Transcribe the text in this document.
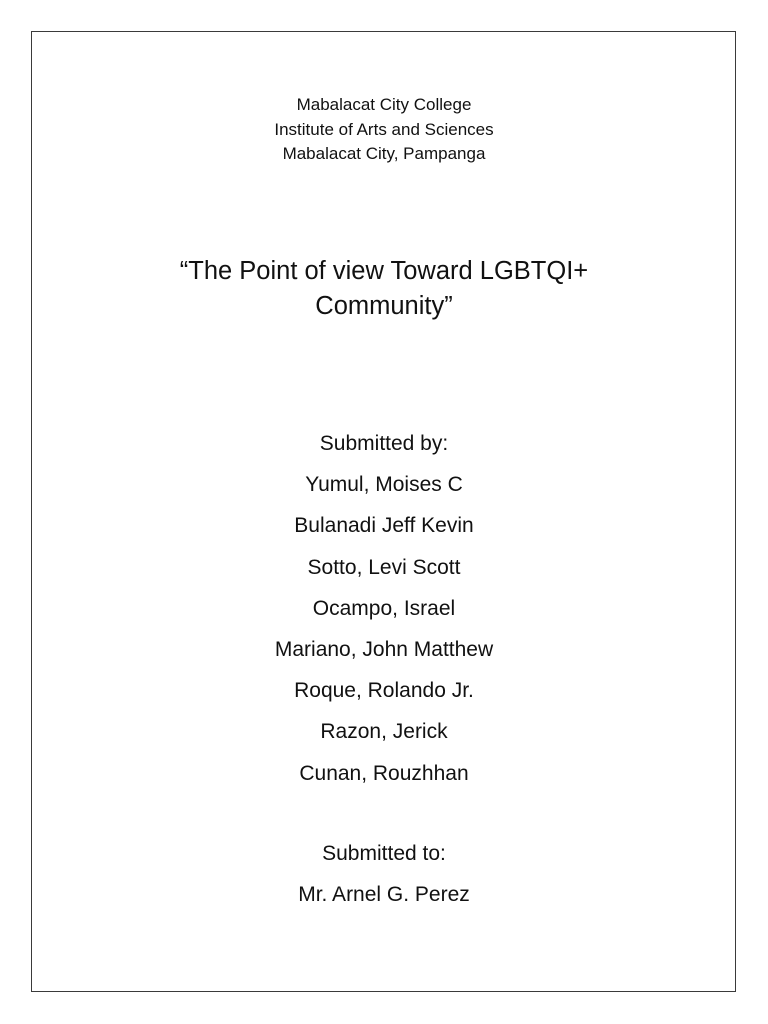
Mabalacat City College
Institute of Arts and Sciences
Mabalacat City, Pampanga
“The Point of view Toward LGBTQI+
Community”
Submitted by:
Yumul, Moises C
Bulanadi Jeff Kevin
Sotto, Levi Scott
Ocampo, Israel
Mariano, John Matthew
Roque, Rolando Jr.
Razon, Jerick
Cunan, Rouzhhan
Submitted to:
Mr. Arnel G. Perez
